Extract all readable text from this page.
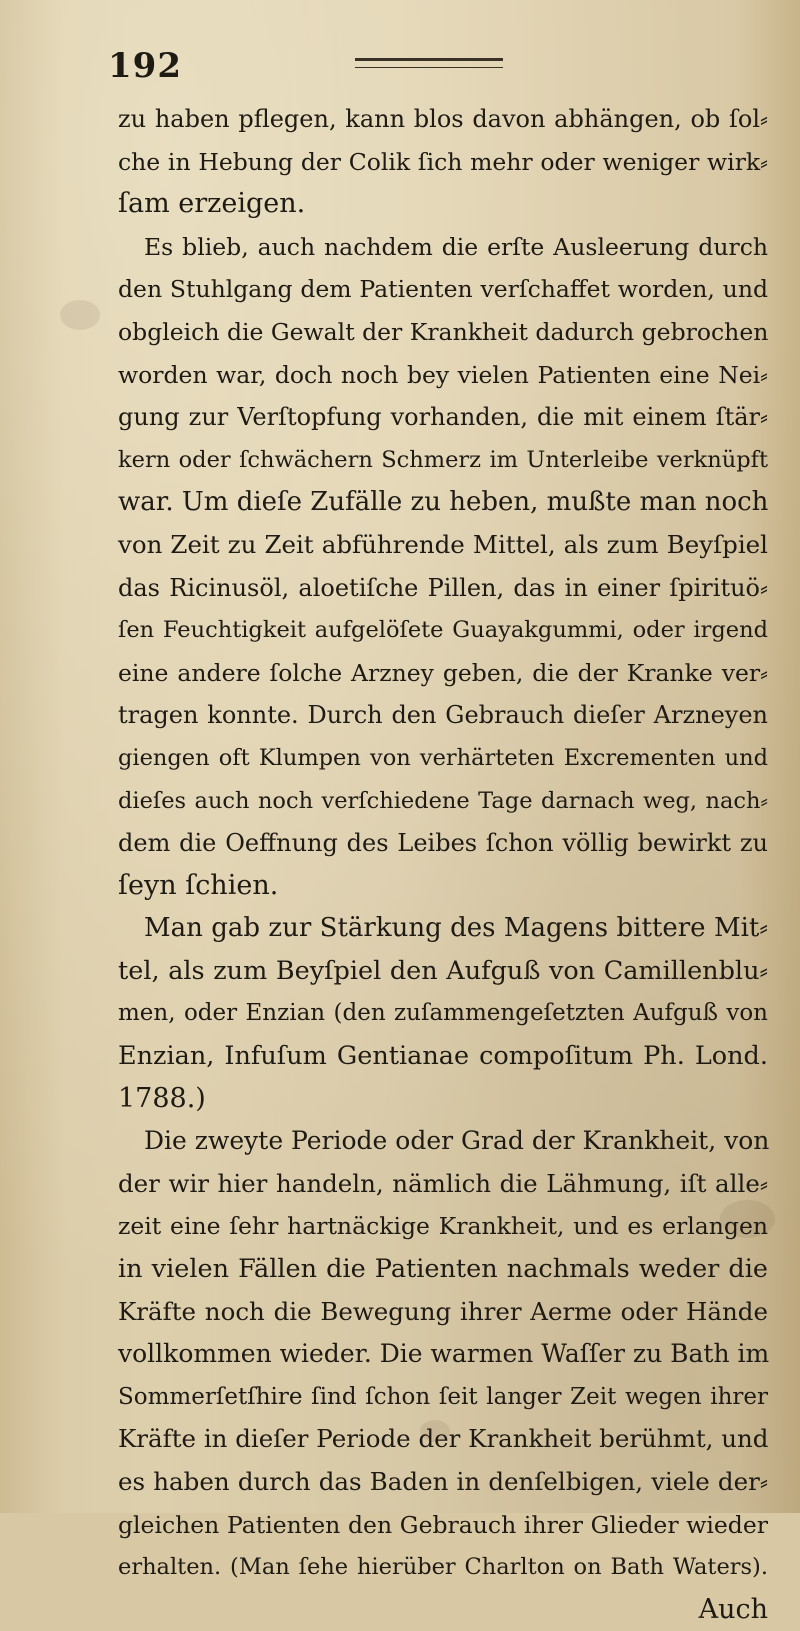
192
zu haben pflegen, kann blos davon abhängen, ob ſol⸗
che in Hebung der Colik ſich mehr oder weniger wirk⸗
ſam erzeigen.
Es blieb, auch nachdem die erſte Ausleerung durch
den Stuhlgang dem Patienten verſchaffet worden, und
obgleich die Gewalt der Krankheit dadurch gebrochen
worden war, doch noch bey vielen Patienten eine Nei⸗
gung zur Verſtopfung vorhanden, die mit einem ſtär⸗
kern oder ſchwächern Schmerz im Unterleibe verknüpft
war. Um dieſe Zufälle zu heben, mußte man noch
von Zeit zu Zeit abführende Mittel, als zum Beyſpiel
das Ricinusöl, aloetiſche Pillen, das in einer ſpirituö⸗
ſen Feuchtigkeit aufgelöſete Guayakgummi, oder irgend
eine andere ſolche Arzney geben, die der Kranke ver⸗
tragen konnte. Durch den Gebrauch dieſer Arzneyen
giengen oft Klumpen von verhärteten Excrementen und
dieſes auch noch verſchiedene Tage darnach weg, nach⸗
dem die Oeffnung des Leibes ſchon völlig bewirkt zu
ſeyn ſchien.
Man gab zur Stärkung des Magens bittere Mit⸗
tel, als zum Beyſpiel den Aufguß von Camillenblu⸗
men, oder Enzian (den zuſammengeſetzten Aufguß von
Enzian, Infuſum Gentianae compoſitum Ph. Lond.
1788.)
Die zweyte Periode oder Grad der Krankheit, von
der wir hier handeln, nämlich die Lähmung, iſt alle⸗
zeit eine ſehr hartnäckige Krankheit, und es erlangen
in vielen Fällen die Patienten nachmals weder die
Kräfte noch die Bewegung ihrer Aerme oder Hände
vollkommen wieder. Die warmen Waſſer zu Bath im
Sommerſetſhire ſind ſchon ſeit langer Zeit wegen ihrer
Kräfte in dieſer Periode der Krankheit berühmt, und
es haben durch das Baden in denſelbigen, viele der⸗
gleichen Patienten den Gebrauch ihrer Glieder wieder
erhalten. (Man ſehe hierüber Charlton on Bath Waters).
Auch
